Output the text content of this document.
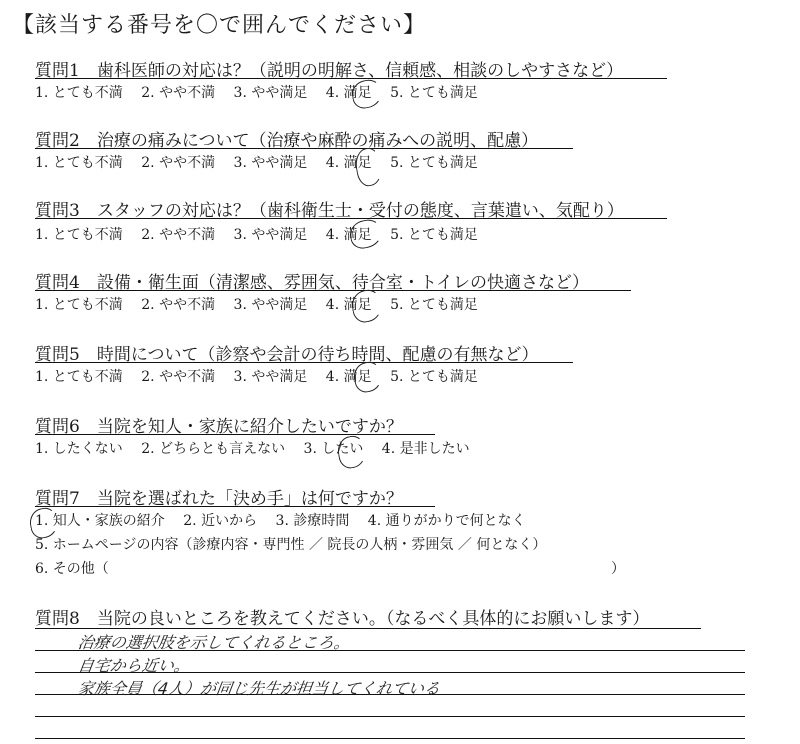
【該当する番号を〇で囲んでください】
質問1　歯科医師の対応は？（説明の明解さ、信頼感、相談のしやすさなど）
1. とても不満 2. やや不満 3. やや満足 4. 満足 5. とても満足
質問2　治療の痛みについて（治療や麻酔の痛みへの説明、配慮）
1. とても不満 2. やや不満 3. やや満足 4. 満足 5. とても満足
質問3　スタッフの対応は？（歯科衛生士・受付の態度、言葉遣い、気配り）
1. とても不満 2. やや不満 3. やや満足 4. 満足 5. とても満足
質問4　設備・衛生面（清潔感、雰囲気、待合室・トイレの快適さなど）
1. とても不満 2. やや不満 3. やや満足 4. 満足 5. とても満足
質問5　時間について（診察や会計の待ち時間、配慮の有無など）
1. とても不満 2. やや不満 3. やや満足 4. 満足 5. とても満足
質問6　当院を知人・家族に紹介したいですか？
1. したくない 2. どちらとも言えない 3. したい 4. 是非したい
質問7　当院を選ばれた「決め手」は何ですか？
1. 知人・家族の紹介 2. 近いから 3. 診療時間 4. 通りがかりで何となく
5. ホームページの内容（診療内容・専門性 ／ 院長の人柄・雰囲気 ／ 何となく）
6. その他（	）
質問8　当院の良いところを教えてください。（なるべく具体的にお願いします）
治療の選択肢を示してくれるところ。
自宅から近い。
家族全員（4人）が同じ先生が担当してくれている
